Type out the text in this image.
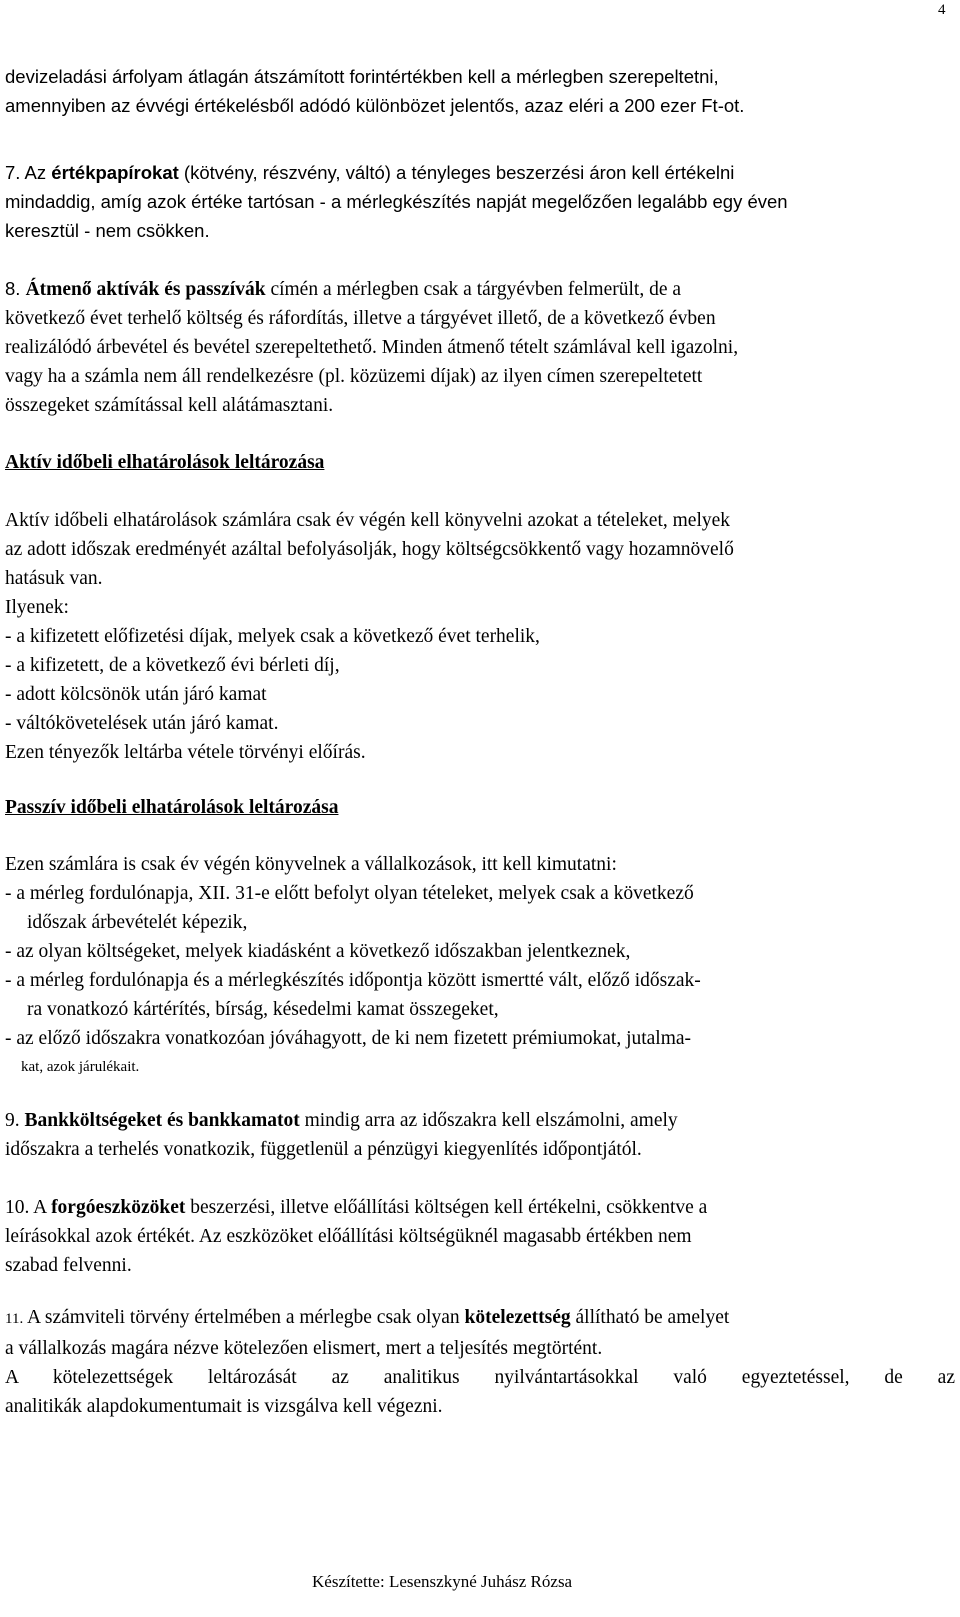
4
devizeladási árfolyam átlagán átszámított forintértékben kell a mérlegben szerepeltetni,
amennyiben az évvégi értékelésből adódó különbözet jelentős, azaz eléri a 200 ezer Ft-ot.
7. Az értékpapírokat (kötvény, részvény, váltó) a tényleges beszerzési áron kell értékelni
mindaddig, amíg azok értéke tartósan - a mérlegkészítés napját megelőzően legalább egy éven
keresztül - nem csökken.
8. Átmenő aktívák és passzívák címén a mérlegben csak a tárgyévben felmerült, de a
következő évet terhelő költség és ráfordítás, illetve a tárgyévet illető, de a következő évben
realizálódó árbevétel és bevétel szerepeltethető. Minden átmenő tételt számlával kell igazolni,
vagy ha a számla nem áll rendelkezésre (pl. közüzemi díjak) az ilyen címen szerepeltetett
összegeket számítással kell alátámasztani.
Aktív időbeli elhatárolások leltározása
Aktív időbeli elhatárolások számlára csak év végén kell könyvelni azokat a tételeket, melyek
az adott időszak eredményét azáltal befolyásolják, hogy költségcsökkentő vagy hozamnövelő
hatásuk van.
Ilyenek:
- a kifizetett előfizetési díjak, melyek csak a következő évet terhelik,
- a kifizetett, de a következő évi bérleti díj,
- adott kölcsönök után járó kamat
- váltókövetelések után járó kamat.
Ezen tényezők leltárba vétele törvényi előírás.
Passzív időbeli elhatárolások leltározása
Ezen számlára is csak év végén könyvelnek a vállalkozások, itt kell kimutatni:
- a mérleg fordulónapja, XII. 31-e előtt befolyt olyan tételeket, melyek csak a következő
időszak árbevételét képezik,
- az olyan költségeket, melyek kiadásként a következő időszakban jelentkeznek,
- a mérleg fordulónapja és a mérlegkészítés időpontja között ismertté vált, előző időszak-
ra vonatkozó kártérítés, bírság, késedelmi kamat összegeket,
- az előző időszakra vonatkozóan jóváhagyott, de ki nem fizetett prémiumokat, jutalma-
kat, azok járulékait.
9. Bankköltségeket és bankkamatot mindig arra az időszakra kell elszámolni, amely
időszakra a terhelés vonatkozik, függetlenül a pénzügyi kiegyenlítés időpontjától.
10. A forgóeszközöket beszerzési, illetve előállítási költségen kell értékelni, csökkentve a
leírásokkal azok értékét. Az eszközöket előállítási költségüknél magasabb értékben nem
szabad felvenni.
11. A számviteli törvény értelmében a mérlegbe csak olyan kötelezettség állítható be amelyet
a vállalkozás magára nézve kötelezően elismert, mert a teljesítés megtörtént.
A kötelezettségek leltározását az analitikus nyilvántartásokkal való egyeztetéssel, de az
analitikák alapdokumentumait is vizsgálva kell végezni.
Készítette: Lesenszkyné Juhász Rózsa
